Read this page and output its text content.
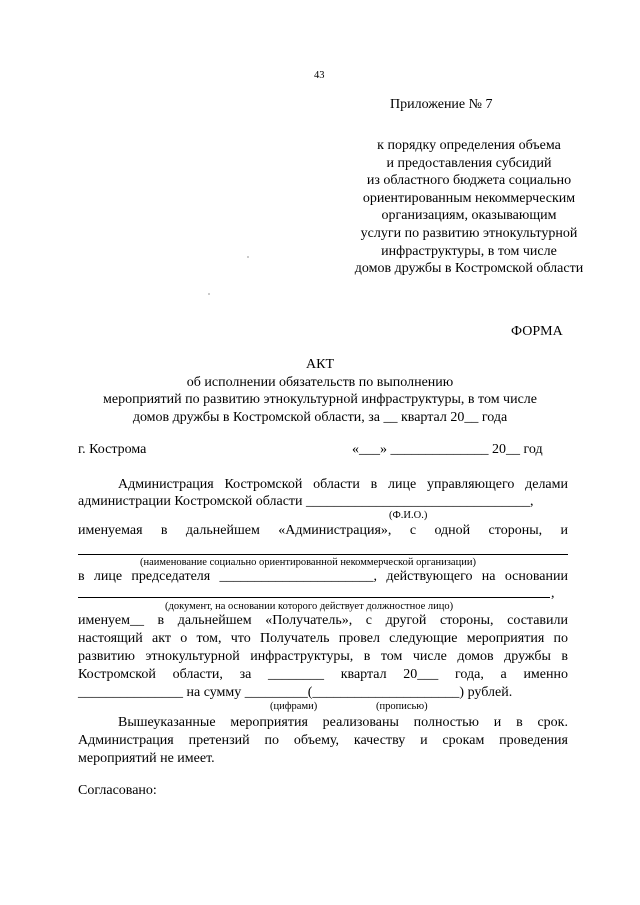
43
Приложение № 7
к порядку определения объема
и предоставления субсидий
из областного бюджета социально
ориентированным некоммерческим
организациям, оказывающим
услуги по развитию этнокультурной
инфраструктуры, в том числе
домов дружбы в Костромской области
ФОРМА
АКТ
об исполнении обязательств по выполнению
мероприятий по развитию этнокультурной инфраструктуры, в том числе
домов дружбы в Костромской области, за __ квартал 20__ года
г. Кострома	«___» ______________ 20__ год
Администрация Костромской области в лице управляющего делами
администрации Костромской области ________________________________,
(Ф.И.О.)
именуемая в дальнейшем «Администрация», с одной стороны, и
(наименование социально ориентированной некоммерческой организации)
в лице председателя ______________________, действующего на основании
,
(документ, на основании которого действует должностное лицо)
именуем__ в дальнейшем «Получатель», с другой стороны, составили
настоящий акт о том, что Получатель провел следующие мероприятия по
развитию этнокультурной инфраструктуры, в том числе домов дружбы в
Костромской области, за ________ квартал 20___ года, а именно
_______________ на сумму _________(_____________________) рублей.
(цифрами)	(прописью)
Вышеуказанные мероприятия реализованы полностью и в срок.
Администрация претензий по объему, качеству и срокам проведения
мероприятий не имеет.
Согласовано:
